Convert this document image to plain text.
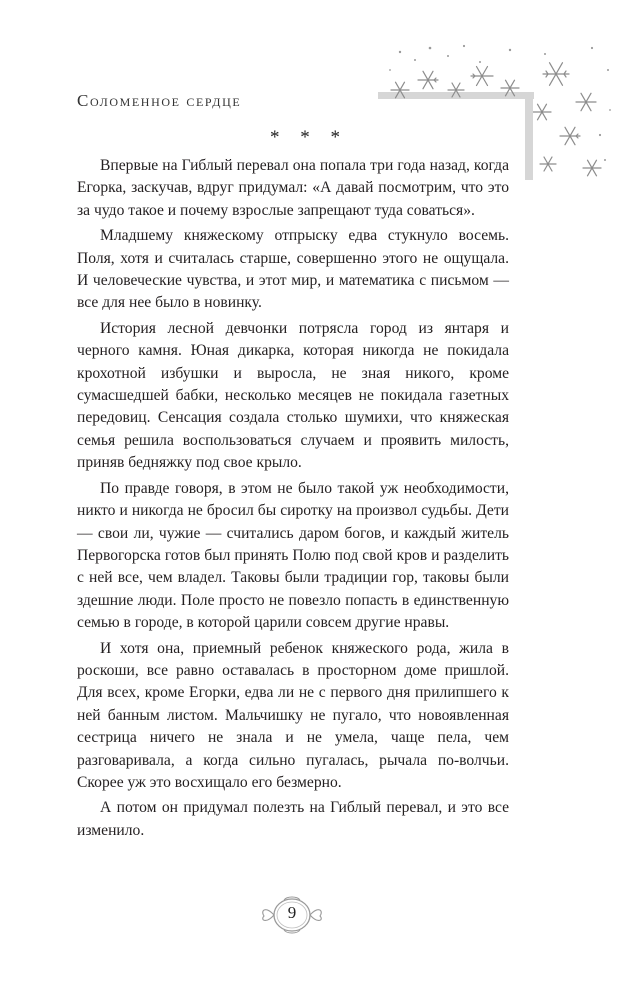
Соломенное сердце
* * *

Впервые на Гиблый перевал она попала три года назад, когда Егорка, заскучав, вдруг придумал: «А давай посмотрим, что это за чудо такое и почему взрослые запрещают туда соваться».

Младшему княжескому отпрыску едва стукнуло восемь. Поля, хотя и считалась старше, совершенно этого не ощущала. И человеческие чувства, и этот мир, и математика с письмом — все для нее было в новинку.

История лесной девчонки потрясла город из янтаря и черного камня. Юная дикарка, которая никогда не покидала крохотной избушки и выросла, не зная никого, кроме сумасшедшей бабки, несколько месяцев не покидала газетных передовиц. Сенсация создала столько шумихи, что княжеская семья решила воспользоваться случаем и проявить милость, приняв бедняжку под свое крыло.

По правде говоря, в этом не было такой уж необходимости, никто и никогда не бросил бы сиротку на произвол судьбы. Дети — свои ли, чужие — считались даром богов, и каждый житель Первогорска готов был принять Полю под свой кров и разделить с ней все, чем владел. Таковы были традиции гор, таковы были здешние люди. Поле просто не повезло попасть в единственную семью в городе, в которой царили совсем другие нравы.

И хотя она, приемный ребенок княжеского рода, жила в роскоши, все равно оставалась в просторном доме пришлой. Для всех, кроме Егорки, едва ли не с первого дня прилипшего к ней банным листом. Мальчишку не пугало, что новоявленная сестрица ничего не знала и не умела, чаще пела, чем разговаривала, а когда сильно пугалась, рычала по-волчьи. Скорее уж это восхищало его безмерно.

А потом он придумал полезть на Гиблый перевал, и это все изменило.

9
